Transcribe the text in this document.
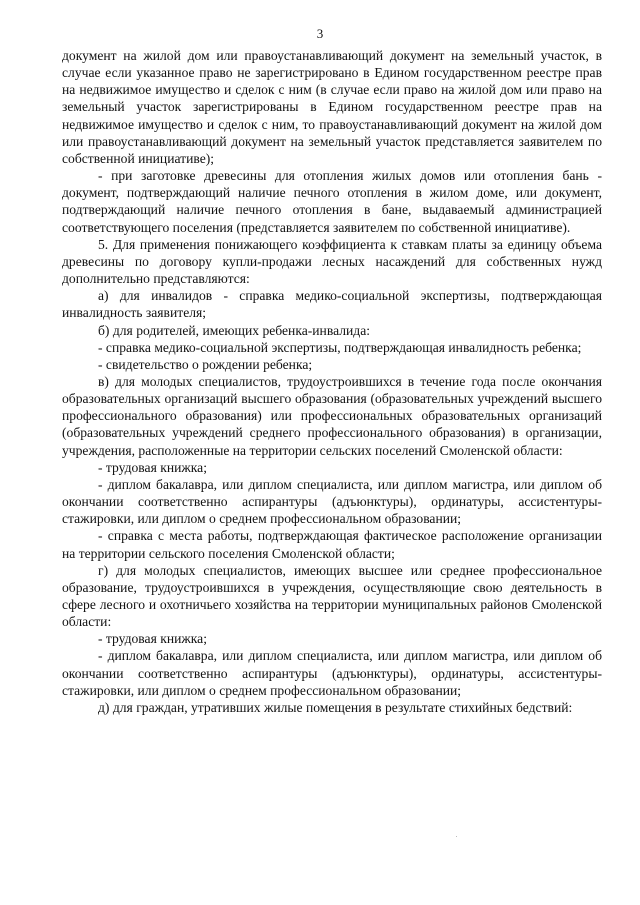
3

документ на жилой дом или правоустанавливающий документ на земельный участок, в случае если указанное право не зарегистрировано в Едином государственном реестре прав на недвижимое имущество и сделок с ним (в случае если право на жилой дом или право на земельный участок зарегистрированы в Едином государственном реестре прав на недвижимое имущество и сделок с ним, то правоустанавливающий документ на жилой дом или правоустанавливающий документ на земельный участок представляется заявителем по собственной инициативе);

- при заготовке древесины для отопления жилых домов или отопления бань - документ, подтверждающий наличие печного отопления в жилом доме, или документ, подтверждающий наличие печного отопления в бане, выдаваемый администрацией соответствующего поселения (представляется заявителем по собственной инициативе).

5. Для применения понижающего коэффициента к ставкам платы за единицу объема древесины по договору купли-продажи лесных насаждений для собственных нужд дополнительно представляются:

а) для инвалидов - справка медико-социальной экспертизы, подтверждающая инвалидность заявителя;

б) для родителей, имеющих ребенка-инвалида:

- справка медико-социальной экспертизы, подтверждающая инвалидность ребенка;

- свидетельство о рождении ребенка;

в) для молодых специалистов, трудоустроившихся в течение года после окончания образовательных организаций высшего образования (образовательных учреждений высшего профессионального образования) или профессиональных образовательных организаций (образовательных учреждений среднего профессионального образования) в организации, учреждения, расположенные на территории сельских поселений Смоленской области:

- трудовая книжка;

- диплом бакалавра, или диплом специалиста, или диплом магистра, или диплом об окончании соответственно аспирантуры (адъюнктуры), ординатуры, ассистентуры-стажировки, или диплом о среднем профессиональном образовании;

- справка с места работы, подтверждающая фактическое расположение организации на территории сельского поселения Смоленской области;

г) для молодых специалистов, имеющих высшее или среднее профессиональное образование, трудоустроившихся в учреждения, осуществляющие свою деятельность в сфере лесного и охотничьего хозяйства на территории муниципальных районов Смоленской области:

- трудовая книжка;

- диплом бакалавра, или диплом специалиста, или диплом магистра, или диплом об окончании соответственно аспирантуры (адъюнктуры), ординатуры, ассистентуры-стажировки, или диплом о среднем профессиональном образовании;

д) для граждан, утративших жилые помещения в результате стихийных бедствий:
